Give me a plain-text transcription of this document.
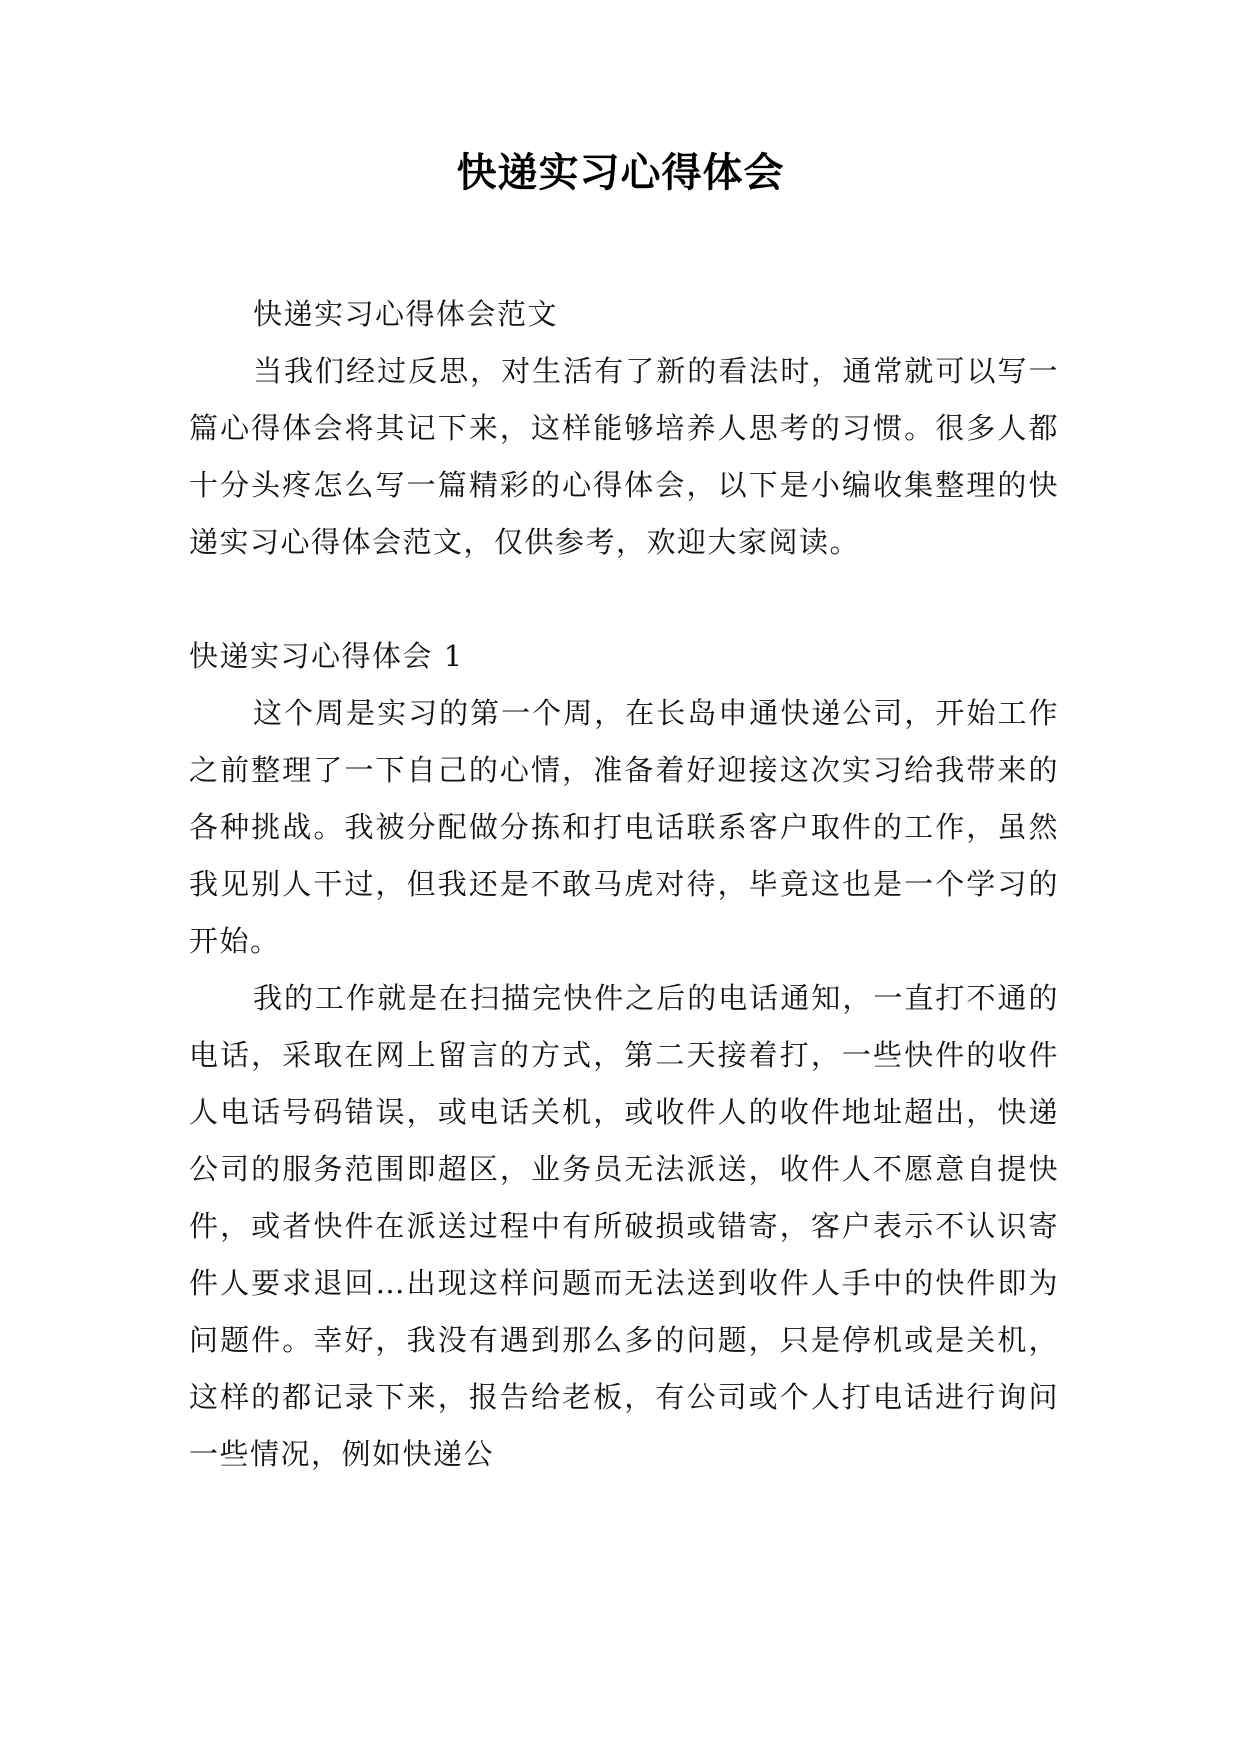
快递实习心得体会

快递实习心得体会范文

当我们经过反思，对生活有了新的看法时，通常就可以写一篇心得体会将其记下来，这样能够培养人思考的习惯。很多人都十分头疼怎么写一篇精彩的心得体会，以下是小编收集整理的快递实习心得体会范文，仅供参考，欢迎大家阅读。

快递实习心得体会 1

这个周是实习的第一个周，在长岛申通快递公司，开始工作之前整理了一下自己的心情，准备着好迎接这次实习给我带来的各种挑战。我被分配做分拣和打电话联系客户取件的工作，虽然我见别人干过，但我还是不敢马虎对待，毕竟这也是一个学习的开始。

我的工作就是在扫描完快件之后的电话通知，一直打不通的电话，采取在网上留言的方式，第二天接着打，一些快件的收件人电话号码错误，或电话关机，或收件人的收件地址超出，快递公司的服务范围即超区，业务员无法派送，收件人不愿意自提快件，或者快件在派送过程中有所破损或错寄，客户表示不认识寄件人要求退回…出现这样问题而无法送到收件人手中的快件即为问题件。幸好，我没有遇到那么多的问题，只是停机或是关机，这样的都记录下来，报告给老板，有公司或个人打电话进行询问一些情况，例如快递公
